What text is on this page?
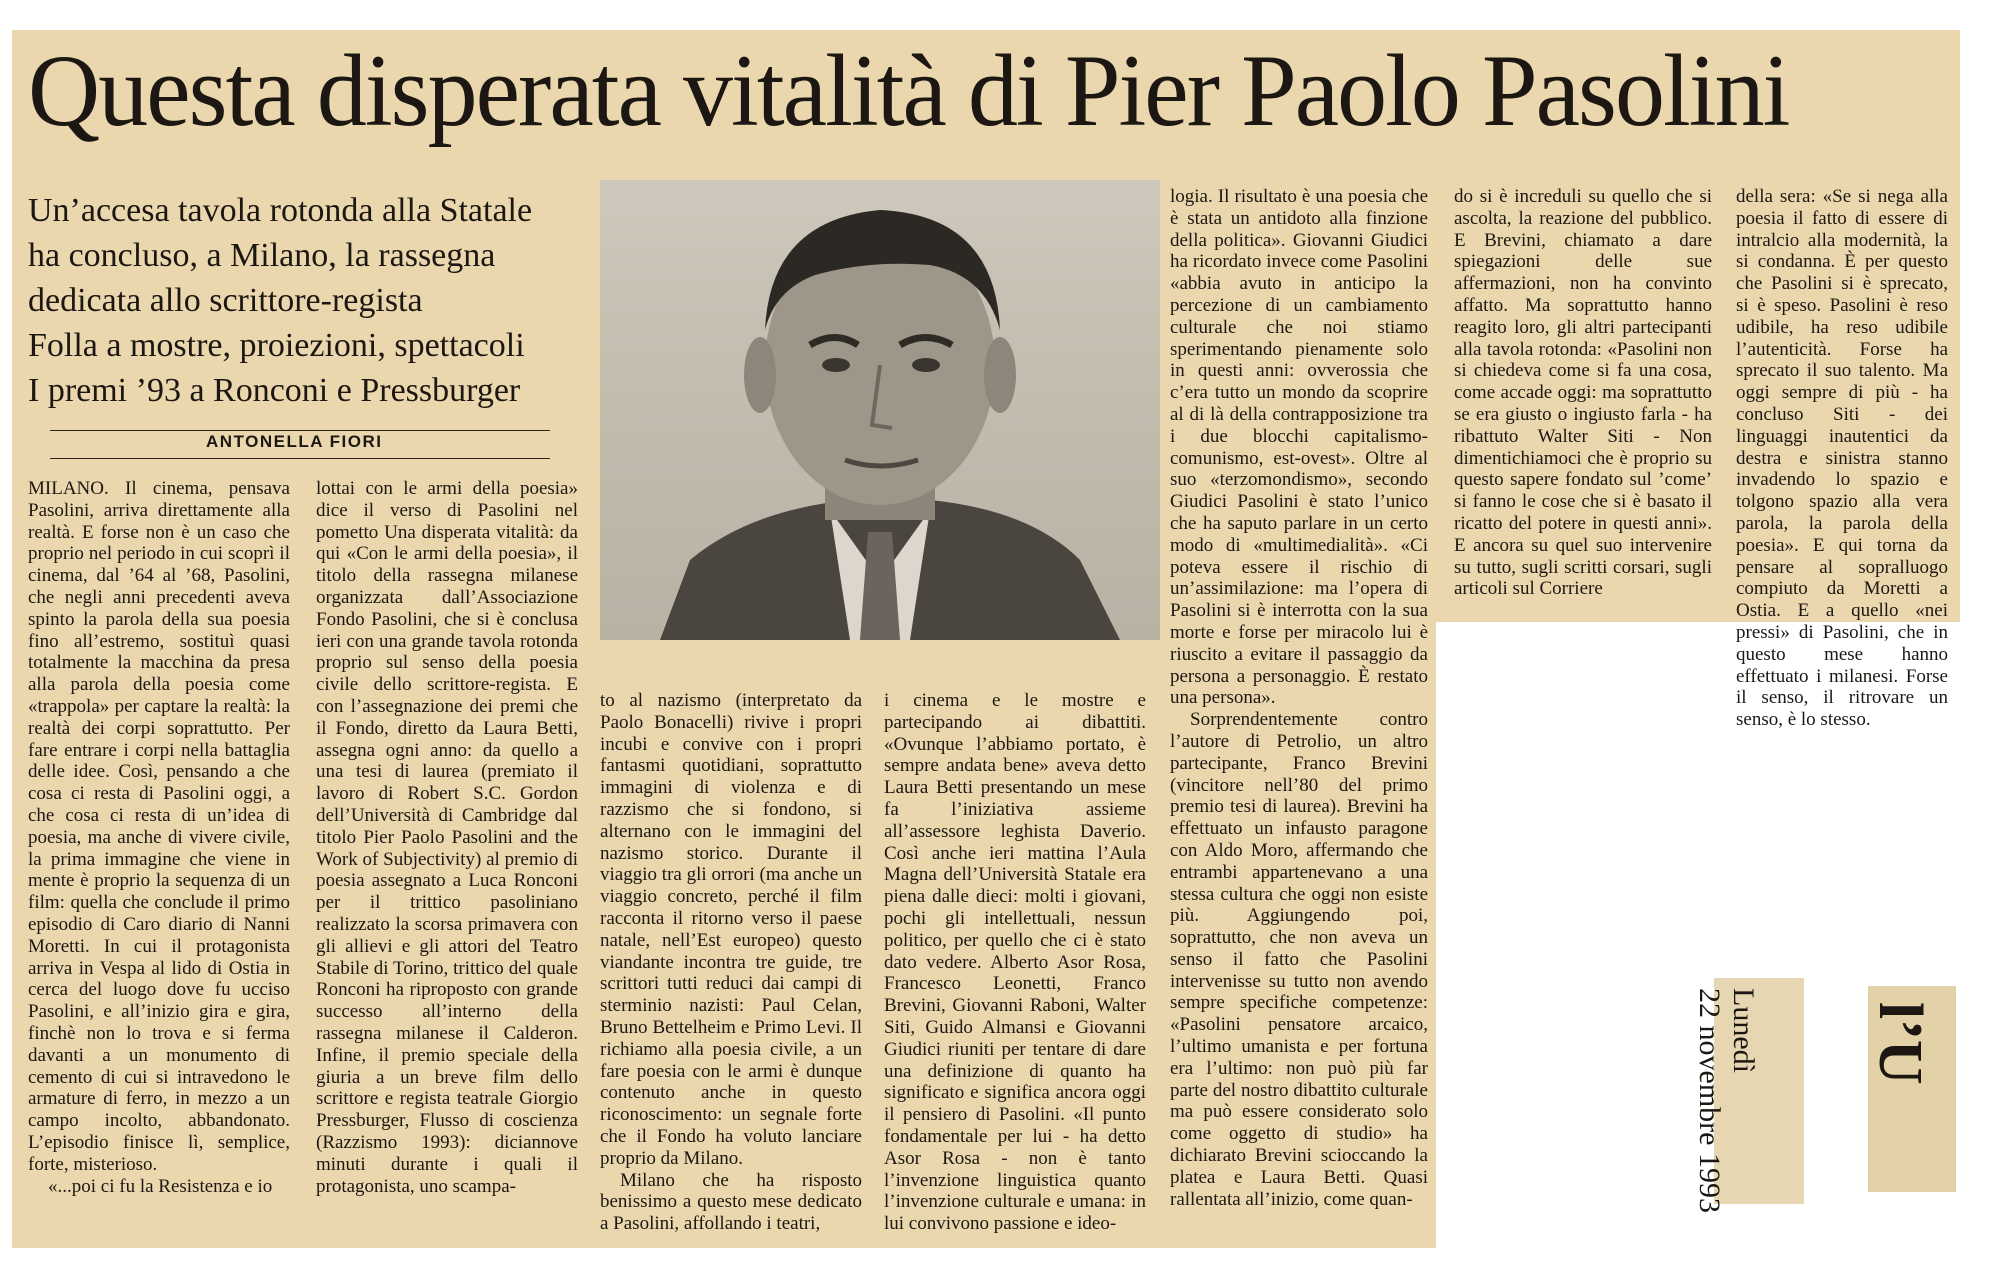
Questa disperata vitalità di Pier Paolo Pasolini
Un’accesa tavola rotonda alla Statale
ha concluso, a Milano, la rassegna
dedicata allo scrittore-regista
Folla a mostre, proiezioni, spettacoli
I premi ’93 a Ronconi e Pressburger
ANTONELLA FIORI

MILANO. Il cinema, pensava Pasolini, arriva direttamente alla realtà. E forse non è un caso che proprio nel periodo in cui scoprì il cinema, dal ’64 al ’68, Pasolini, che negli anni precedenti aveva spinto la parola della sua poesia fino all’estremo, sostituì quasi totalmente la macchina da presa alla parola della poesia come «trappola» per captare la realtà: la realtà dei corpi soprattutto. Per fare entrare i corpi nella battaglia delle idee. Così, pensando a che cosa ci resta di Pasolini oggi, a che cosa ci resta di un’idea di poesia, ma anche di vivere civile, la prima immagine che viene in mente è proprio la sequenza di un film: quella che conclude il primo episodio di Caro diario di Nanni Moretti. In cui il protagonista arriva in Vespa al lido di Ostia in cerca del luogo dove fu ucciso Pasolini, e all’inizio gira e gira, finchè non lo trova e si ferma davanti a un monumento di cemento di cui si intravedono le armature di ferro, in mezzo a un campo incolto, abbandonato. L’episodio finisce lì, semplice, forte, misterioso.

«...poi ci fu la Resistenza e io

lottai con le armi della poesia» dice il verso di Pasolini nel pometto Una disperata vitalità: da qui «Con le armi della poesia», il titolo della rassegna milanese organizzata dall’Associazione Fondo Pasolini, che si è conclusa ieri con una grande tavola rotonda proprio sul senso della poesia civile dello scrittore-regista. E con l’assegnazione dei premi che il Fondo, diretto da Laura Betti, assegna ogni anno: da quello a una tesi di laurea (premiato il lavoro di Robert S.C. Gordon dell’Università di Cambridge dal titolo Pier Paolo Pasolini and the Work of Subjectivity) al premio di poesia assegnato a Luca Ronconi per il trittico pasoliniano realizzato la scorsa primavera con gli allievi e gli attori del Teatro Stabile di Torino, trittico del quale Ronconi ha riproposto con grande successo all’interno della rassegna milanese il Calderon. Infine, il premio speciale della giuria a un breve film dello scrittore e regista teatrale Giorgio Pressburger, Flusso di coscienza (Razzismo 1993): diciannove minuti durante i quali il protagonista, uno scampa-

to al nazismo (interpretato da Paolo Bonacelli) rivive i propri incubi e convive con i propri fantasmi quotidiani, soprattutto immagini di violenza e di razzismo che si fondono, si alternano con le immagini del nazismo storico. Durante il viaggio tra gli orrori (ma anche un viaggio concreto, perché il film racconta il ritorno verso il paese natale, nell’Est europeo) questo viandante incontra tre guide, tre scrittori tutti reduci dai campi di sterminio nazisti: Paul Celan, Bruno Bettelheim e Primo Levi. Il richiamo alla poesia civile, a un fare poesia con le armi è dunque contenuto anche in questo riconoscimento: un segnale forte che il Fondo ha voluto lanciare proprio da Milano.

Milano che ha risposto benissimo a questo mese dedicato a Pasolini, affollando i teatri,

i cinema e le mostre e partecipando ai dibattiti. «Ovunque l’abbiamo portato, è sempre andata bene» aveva detto Laura Betti presentando un mese fa l’iniziativa assieme all’assessore leghista Daverio. Così anche ieri mattina l’Aula Magna dell’Università Statale era piena dalle dieci: molti i giovani, pochi gli intellettuali, nessun politico, per quello che ci è stato dato vedere. Alberto Asor Rosa, Francesco Leonetti, Franco Brevini, Giovanni Raboni, Walter Siti, Guido Almansi e Giovanni Giudici riuniti per tentare di dare una definizione di quanto ha significato e significa ancora oggi il pensiero di Pasolini. «Il punto fondamentale per lui - ha detto Asor Rosa - non è tanto l’invenzione linguistica quanto l’invenzione culturale e umana: in lui convivono passione e ideo-

logia. Il risultato è una poesia che è stata un antidoto alla finzione della politica». Giovanni Giudici ha ricordato invece come Pasolini «abbia avuto in anticipo la percezione di un cambiamento culturale che noi stiamo sperimentando pienamente solo in questi anni: ovverossia che c’era tutto un mondo da scoprire al di là della contrapposizione tra i due blocchi capitalismo-comunismo, est-ovest». Oltre al suo «terzomondismo», secondo Giudici Pasolini è stato l’unico che ha saputo parlare in un certo modo di «multimedialità». «Ci poteva essere il rischio di un’assimilazione: ma l’opera di Pasolini si è interrotta con la sua morte e forse per miracolo lui è riuscito a evitare il passaggio da persona a personaggio. È restato una persona».

Sorprendentemente contro l’autore di Petrolio, un altro partecipante, Franco Brevini (vincitore nell’80 del primo premio tesi di laurea). Brevini ha effettuato un infausto paragone con Aldo Moro, affermando che entrambi appartenevano a una stessa cultura che oggi non esiste più. Aggiungendo poi, soprattutto, che non aveva un senso il fatto che Pasolini intervenisse su tutto non avendo sempre specifiche competenze: «Pasolini pensatore arcaico, l’ultimo umanista e per fortuna era l’ultimo: non può più far parte del nostro dibattito culturale ma può essere considerato solo come oggetto di studio» ha dichiarato Brevini scioccando la platea e Laura Betti. Quasi rallentata all’inizio, come quan-

do si è increduli su quello che si ascolta, la reazione del pubblico. E Brevini, chiamato a dare spiegazioni delle sue affermazioni, non ha convinto affatto. Ma soprattutto hanno reagito loro, gli altri partecipanti alla tavola rotonda: «Pasolini non si chiedeva come si fa una cosa, come accade oggi: ma soprattutto se era giusto o ingiusto farla - ha ribattuto Walter Siti - Non dimentichiamoci che è proprio su questo sapere fondato sul ’come’ si fanno le cose che si è basato il ricatto del potere in questi anni». E ancora su quel suo intervenire su tutto, sugli scritti corsari, sugli articoli sul Corriere

della sera: «Se si nega alla poesia il fatto di essere di intralcio alla modernità, la si condanna. È per questo che Pasolini si è sprecato, si è speso. Pasolini è reso udibile, ha reso udibile l’autenticità. Forse ha sprecato il suo talento. Ma oggi sempre di più - ha concluso Siti - dei linguaggi inautentici da destra e sinistra stanno invadendo lo spazio e tolgono spazio alla vera parola, la parola della poesia». E qui torna da pensare al sopralluogo compiuto da Moretti a Ostia. E a quello «nei pressi» di Pasolini, che in questo mese hanno effettuato i milanesi. Forse il senso, il ritrovare un senso, è lo stesso.

Lunedì
22 novembre 1993 l’U
